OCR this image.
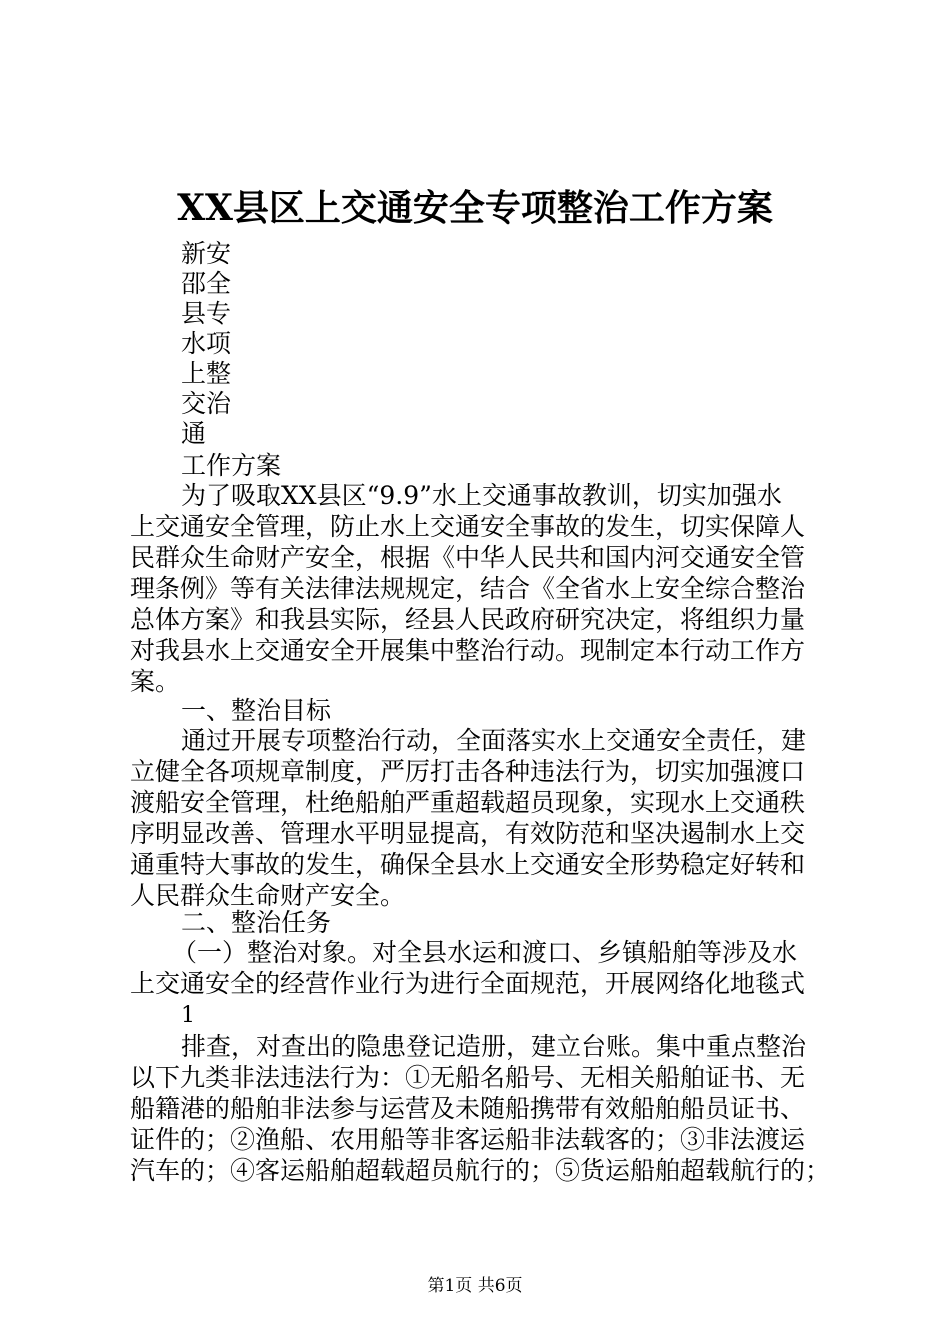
XX县区上交通安全专项整治工作方案
新安
邵全
县专
水项
上整
交治
通
工作方案
为了吸取XX县区“9.9”水上交通事故教训，切实加强水
上交通安全管理，防止水上交通安全事故的发生，切实保障人
民群众生命财产安全，根据《中华人民共和国内河交通安全管
理条例》等有关法律法规规定，结合《全省水上安全综合整治
总体方案》和我县实际，经县人民政府研究决定，将组织力量
对我县水上交通安全开展集中整治行动。现制定本行动工作方
案。
一、整治目标
通过开展专项整治行动，全面落实水上交通安全责任，建
立健全各项规章制度，严厉打击各种违法行为，切实加强渡口
渡船安全管理，杜绝船舶严重超载超员现象，实现水上交通秩
序明显改善、管理水平明显提高，有效防范和坚决遏制水上交
通重特大事故的发生，确保全县水上交通安全形势稳定好转和
人民群众生命财产安全。
二、整治任务
（一）整治对象。对全县水运和渡口、乡镇船舶等涉及水
上交通安全的经营作业行为进行全面规范，开展网络化地毯式
1
排查，对查出的隐患登记造册，建立台账。集中重点整治
以下九类非法违法行为：①无船名船号、无相关船舶证书、无
船籍港的船舶非法参与运营及未随船携带有效船舶船员证书、
证件的；②渔船、农用船等非客运船非法载客的；③非法渡运
汽车的；④客运船舶超载超员航行的；⑤货运船舶超载航行的；
第1页 共6页
